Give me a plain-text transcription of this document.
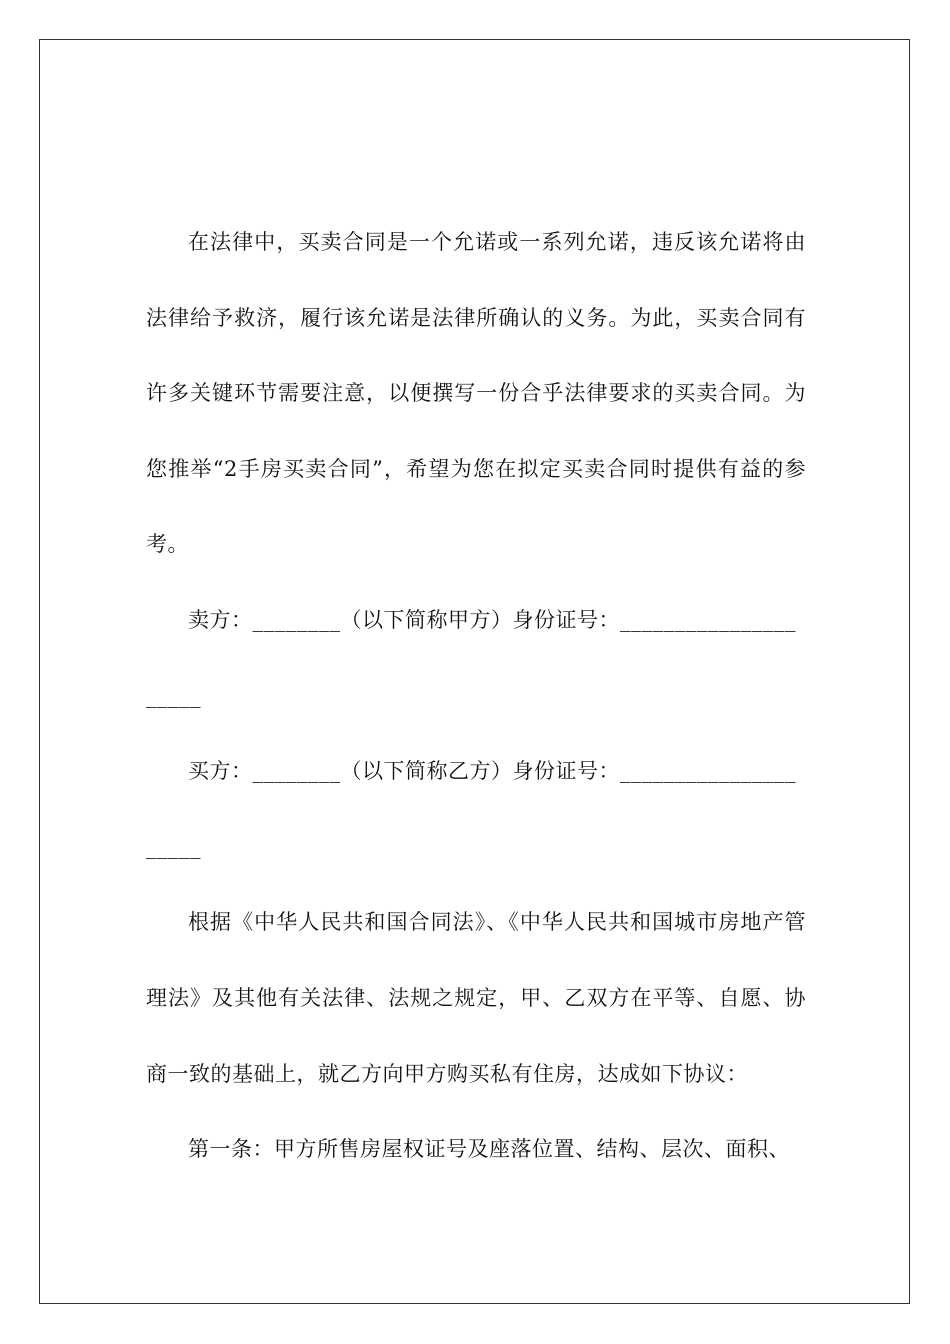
在法律中，买卖合同是一个允诺或一系列允诺，违反该允诺将由法律给予救济，履行该允诺是法律所确认的义务。为此，买卖合同有许多关键环节需要注意，以便撰写一份合乎法律要求的买卖合同。为您推举“2手房买卖合同”，希望为您在拟定买卖合同时提供有益的参考。

卖方：________（以下简称甲方）身份证号：________________
_____

买方：________（以下简称乙方）身份证号：________________
_____

根据《中华人民共和国合同法》、《中华人民共和国城市房地产管理法》及其他有关法律、法规之规定，甲、乙双方在平等、自愿、协商一致的基础上，就乙方向甲方购买私有住房，达成如下协议：

第一条：甲方所售房屋权证号及座落位置、结构、层次、面积、
